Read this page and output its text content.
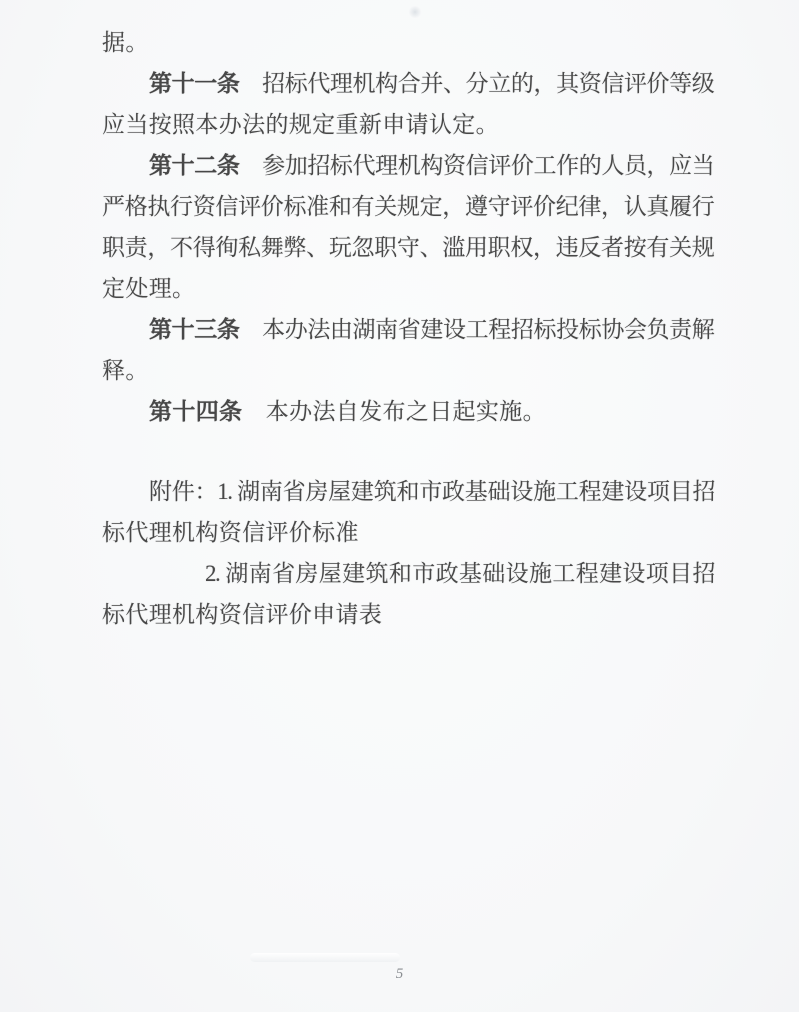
据。
第十一条　招标代理机构合并、分立的，其资信评价等级
应当按照本办法的规定重新申请认定。
第十二条　参加招标代理机构资信评价工作的人员，应当
严格执行资信评价标准和有关规定，遵守评价纪律，认真履行
职责，不得徇私舞弊、玩忽职守、滥用职权，违反者按有关规
定处理。
第十三条　本办法由湖南省建设工程招标投标协会负责解
释。
第十四条　本办法自发布之日起实施。
附件：1. 湖南省房屋建筑和市政基础设施工程建设项目招
标代理机构资信评价标准
2. 湖南省房屋建筑和市政基础设施工程建设项目招
标代理机构资信评价申请表
5
